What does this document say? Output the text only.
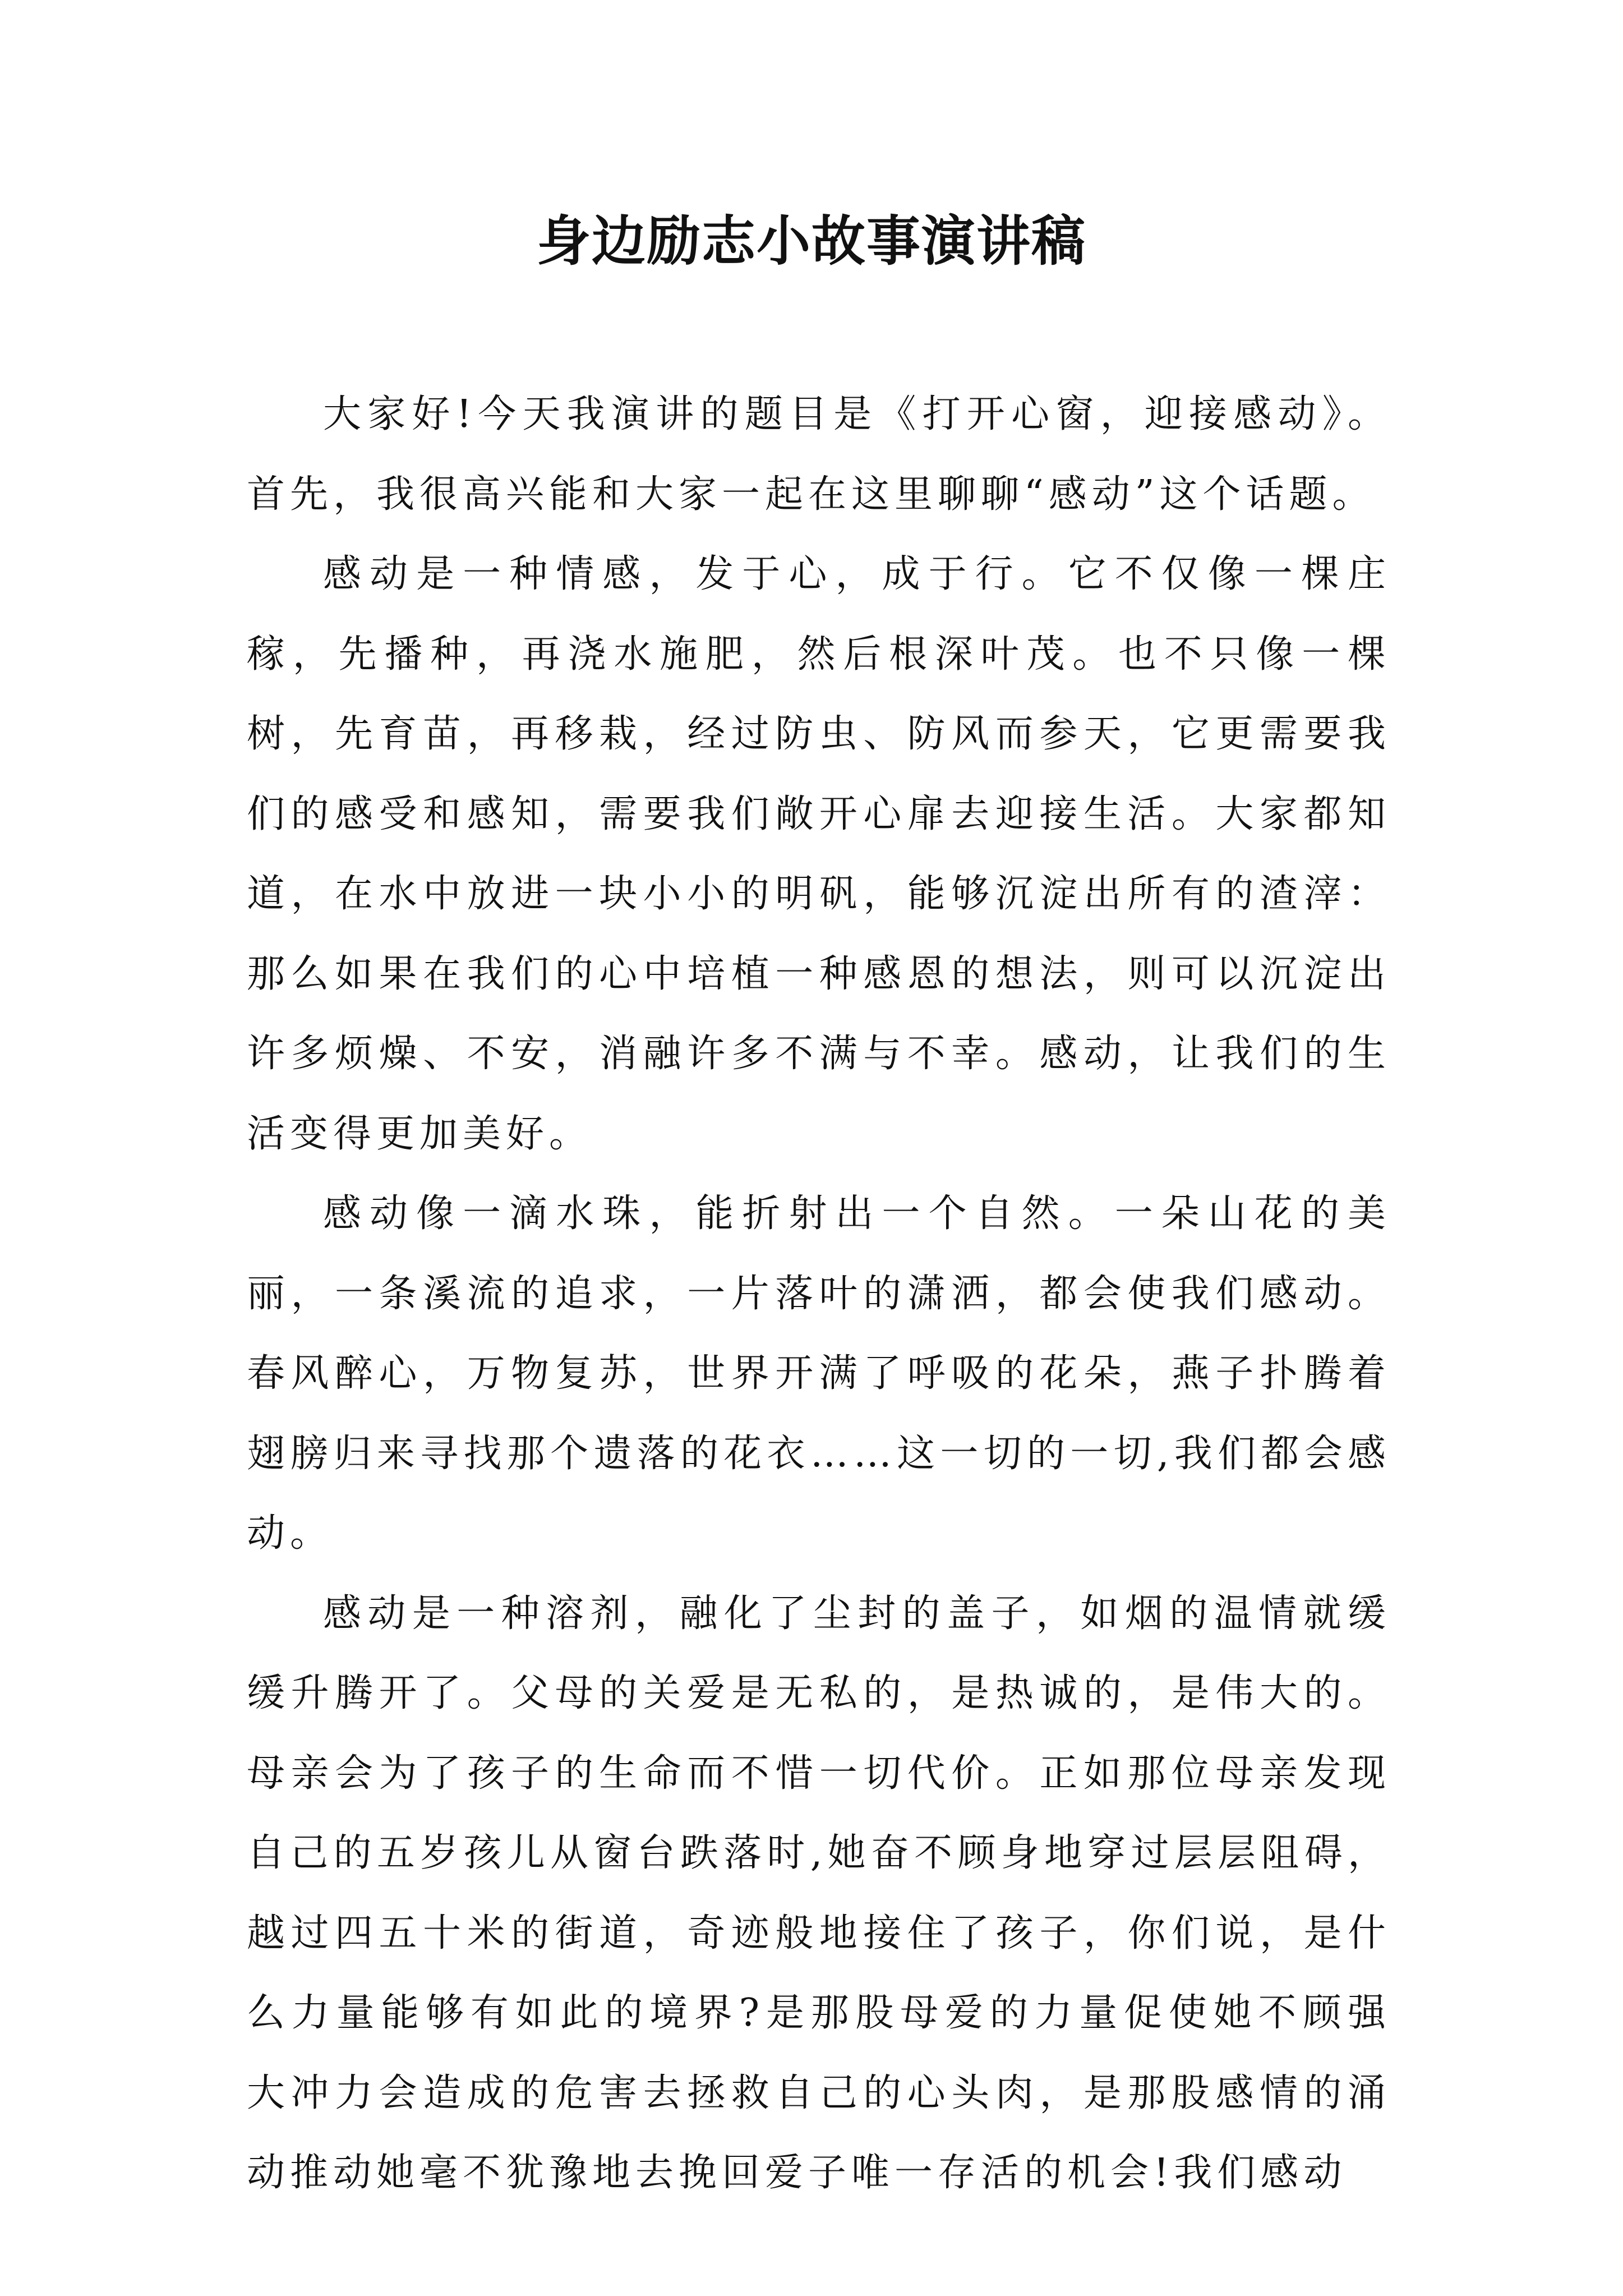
身边励志小故事演讲稿

大家好!今天我演讲的题目是《打开心窗，迎接感动》。首先，我很高兴能和大家一起在这里聊聊“感动”这个话题。

感动是一种情感，发于心，成于行。它不仅像一棵庄稼，先播种，再浇水施肥，然后根深叶茂。也不只像一棵树，先育苗，再移栽，经过防虫、防风而参天，它更需要我们的感受和感知，需要我们敞开心扉去迎接生活。大家都知道，在水中放进一块小小的明矾，能够沉淀出所有的渣滓：那么如果在我们的心中培植一种感恩的想法，则可以沉淀出许多烦燥、不安，消融许多不满与不幸。感动，让我们的生活变得更加美好。

感动像一滴水珠，能折射出一个自然。一朵山花的美丽，一条溪流的追求，一片落叶的潇洒，都会使我们感动。春风醉心，万物复苏，世界开满了呼吸的花朵，燕子扑腾着翅膀归来寻找那个遗落的花衣……这一切的一切,我们都会感动。

感动是一种溶剂，融化了尘封的盖子，如烟的温情就缓缓升腾开了。父母的关爱是无私的，是热诚的，是伟大的。母亲会为了孩子的生命而不惜一切代价。正如那位母亲发现自己的五岁孩儿从窗台跌落时,她奋不顾身地穿过层层阻碍，越过四五十米的街道，奇迹般地接住了孩子，你们说，是什么力量能够有如此的境界?是那股母爱的力量促使她不顾强大冲力会造成的危害去拯救自己的心头肉，是那股感情的涌动推动她毫不犹豫地去挽回爱子唯一存活的机会!我们感动
